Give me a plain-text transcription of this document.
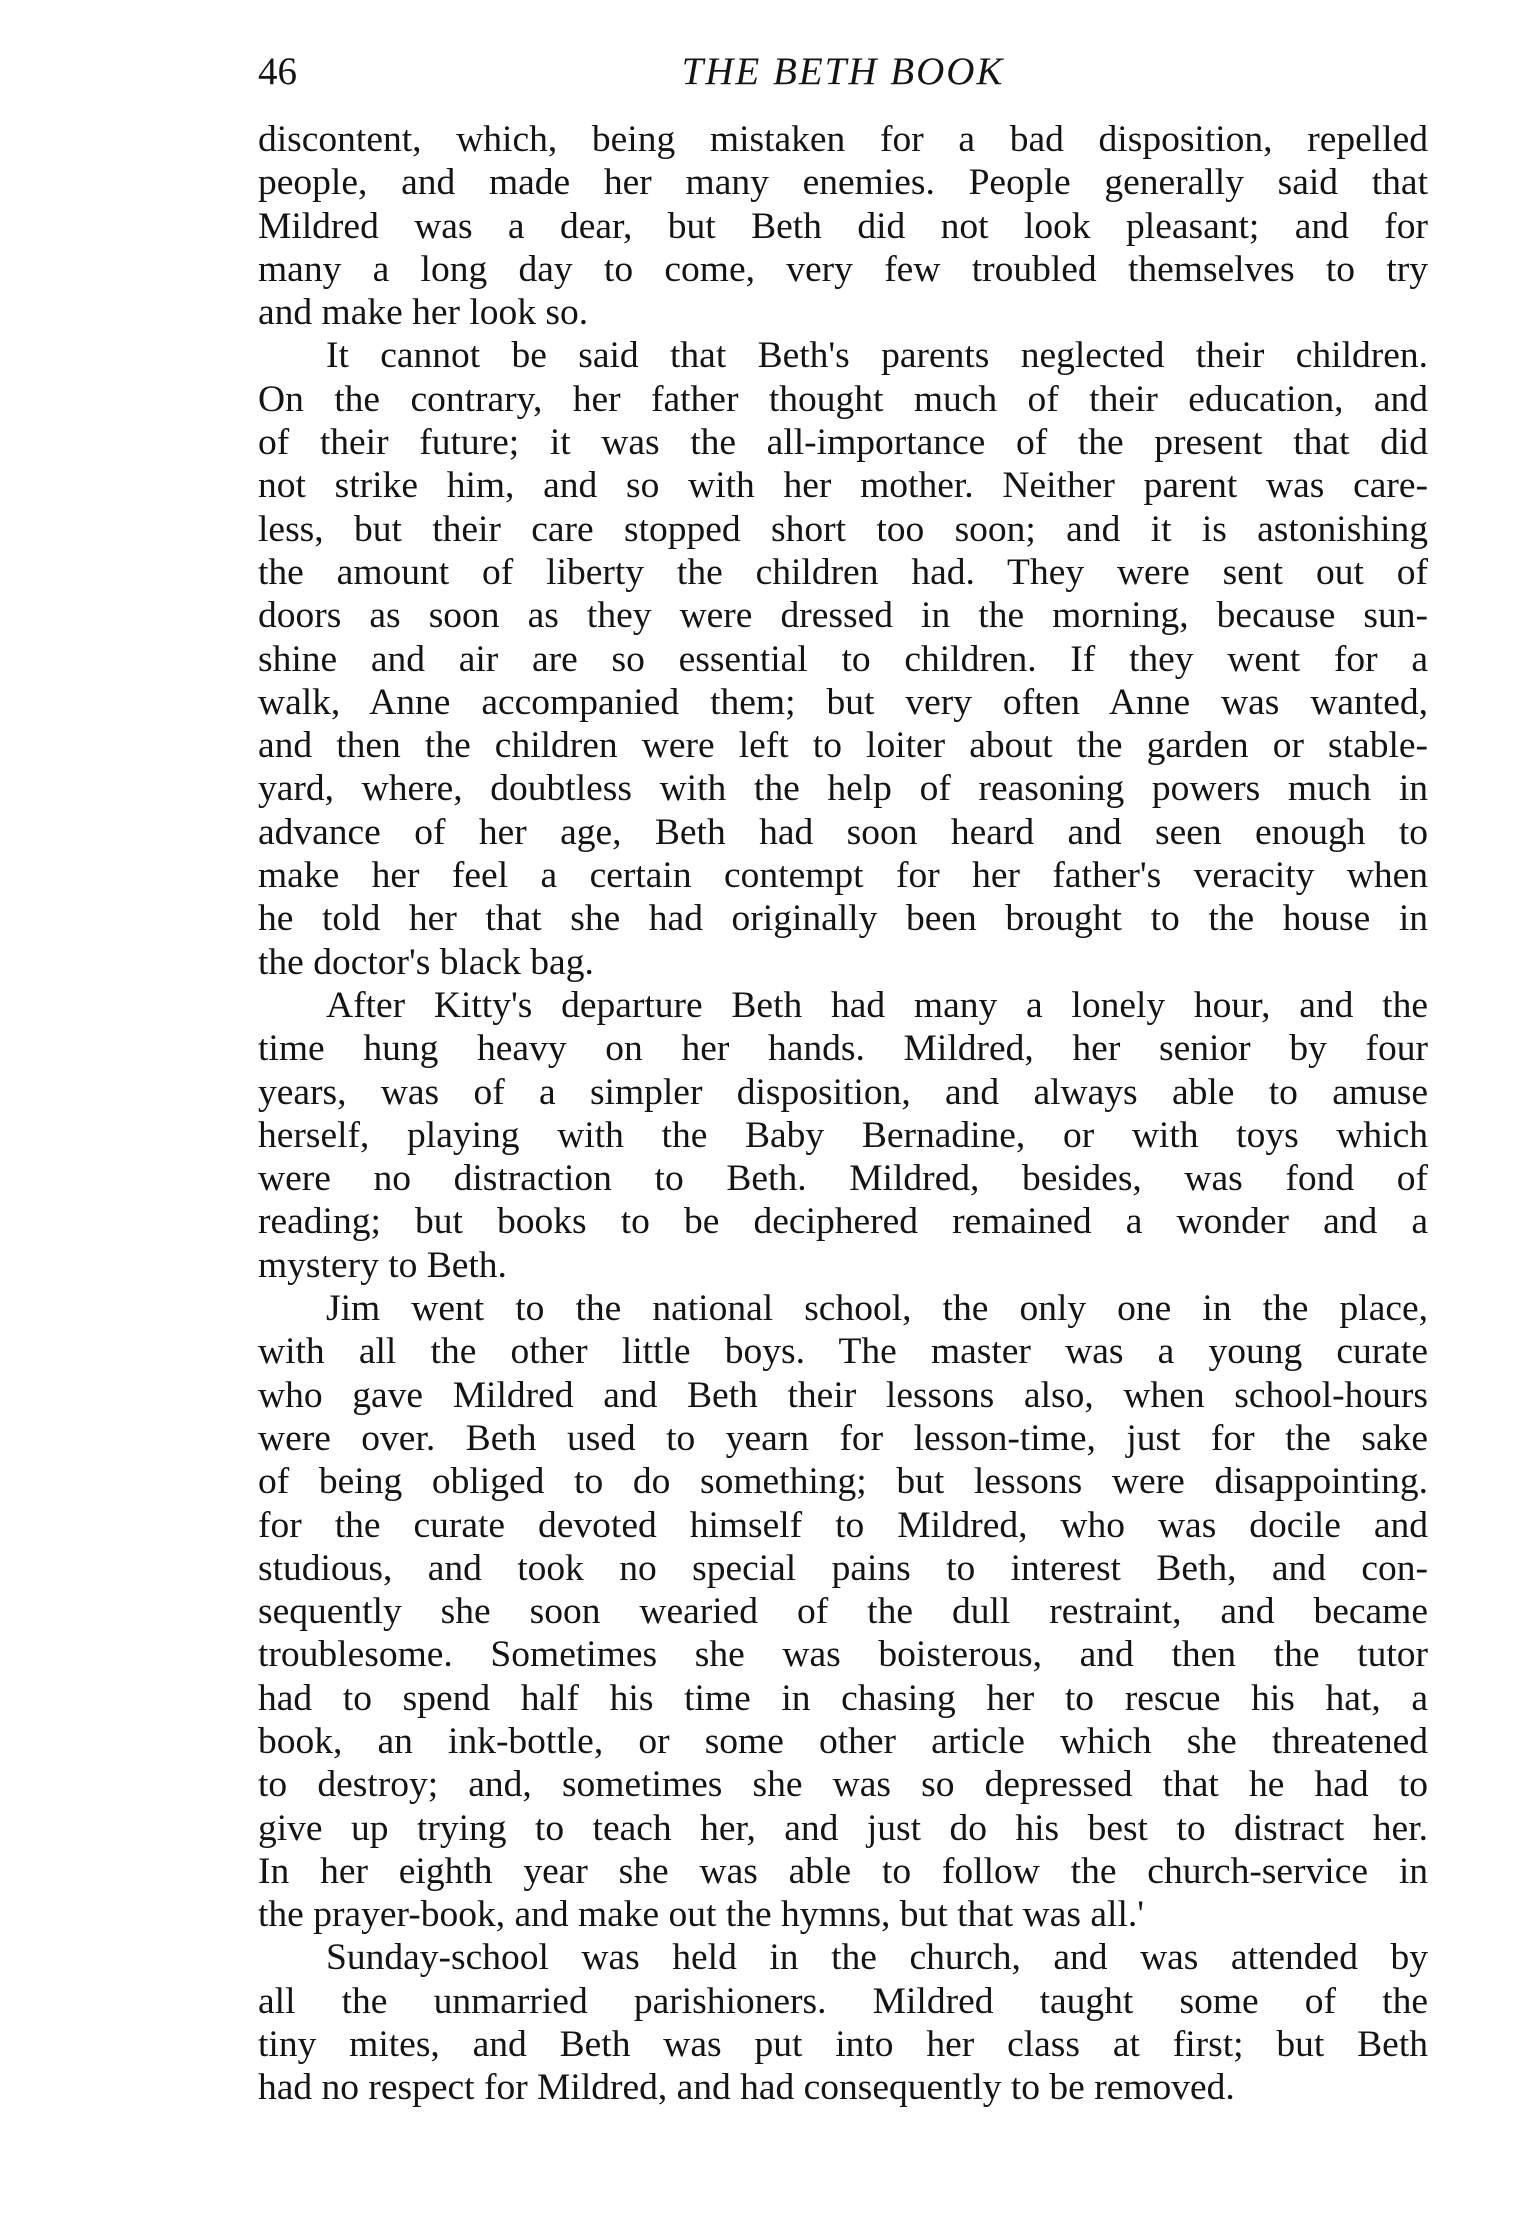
46	THE BETH BOOK
discontent, which, being mistaken for a bad disposition, repelled
people, and made her many enemies. People generally said that
Mildred was a dear, but Beth did not look pleasant; and for
many a long day to come, very few troubled themselves to try
and make her look so.
It cannot be said that Beth's parents neglected their children.
On the contrary, her father thought much of their education, and
of their future; it was the all-importance of the present that did
not strike him, and so with her mother. Neither parent was care-
less, but their care stopped short too soon; and it is astonishing
the amount of liberty the children had. They were sent out of
doors as soon as they were dressed in the morning, because sun-
shine and air are so essential to children. If they went for a
walk, Anne accompanied them; but very often Anne was wanted,
and then the children were left to loiter about the garden or stable-
yard, where, doubtless with the help of reasoning powers much in
advance of her age, Beth had soon heard and seen enough to
make her feel a certain contempt for her father's veracity when
he told her that she had originally been brought to the house in
the doctor's black bag.
After Kitty's departure Beth had many a lonely hour, and the
time hung heavy on her hands. Mildred, her senior by four
years, was of a simpler disposition, and always able to amuse
herself, playing with the Baby Bernadine, or with toys which
were no distraction to Beth. Mildred, besides, was fond of
reading; but books to be deciphered remained a wonder and a
mystery to Beth.
Jim went to the national school, the only one in the place,
with all the other little boys. The master was a young curate
who gave Mildred and Beth their lessons also, when school-hours
were over. Beth used to yearn for lesson-time, just for the sake
of being obliged to do something; but lessons were disappointing.
for the curate devoted himself to Mildred, who was docile and
studious, and took no special pains to interest Beth, and con-
sequently she soon wearied of the dull restraint, and became
troublesome. Sometimes she was boisterous, and then the tutor
had to spend half his time in chasing her to rescue his hat, a
book, an ink-bottle, or some other article which she threatened
to destroy; and, sometimes she was so depressed that he had to
give up trying to teach her, and just do his best to distract her.
In her eighth year she was able to follow the church-service in
the prayer-book, and make out the hymns, but that was all.'
Sunday-school was held in the church, and was attended by
all the unmarried parishioners. Mildred taught some of the
tiny mites, and Beth was put into her class at first; but Beth
had no respect for Mildred, and had consequently to be removed.
